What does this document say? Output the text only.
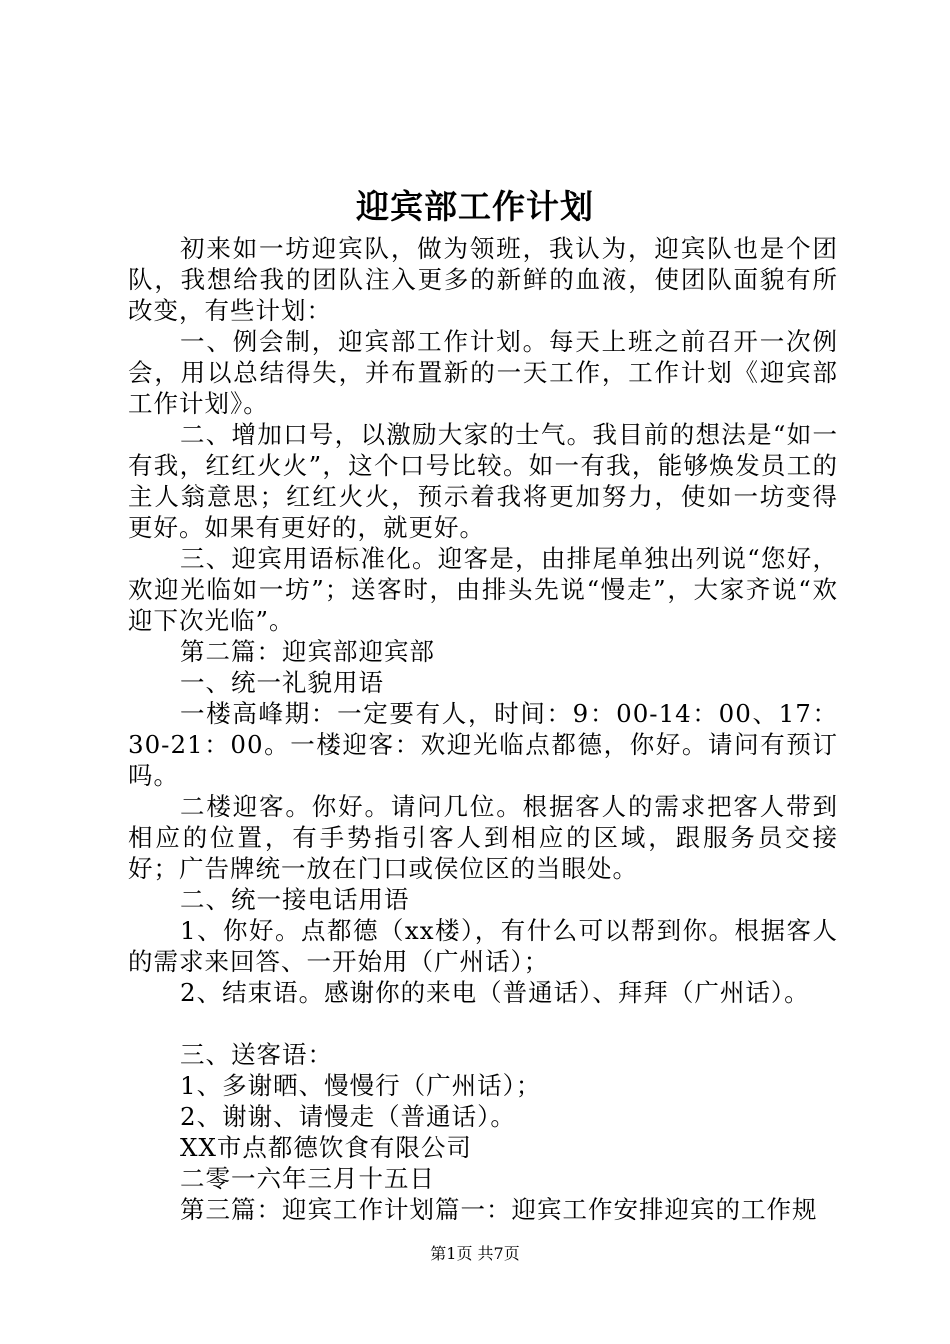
迎宾部工作计划

初来如一坊迎宾队，做为领班，我认为，迎宾队也是个团队，我想给我的团队注入更多的新鲜的血液，使团队面貌有所改变，有些计划：

一、例会制，迎宾部工作计划。每天上班之前召开一次例会，用以总结得失，并布置新的一天工作，工作计划《迎宾部工作计划》。

二、增加口号，以激励大家的士气。我目前的想法是“如一有我，红红火火”，这个口号比较。如一有我，能够焕发员工的主人翁意思；红红火火，预示着我将更加努力，使如一坊变得更好。如果有更好的，就更好。

三、迎宾用语标准化。迎客是，由排尾单独出列说“您好，欢迎光临如一坊”；送客时，由排头先说“慢走”，大家齐说“欢迎下次光临”。

第二篇：迎宾部迎宾部

一、统一礼貌用语

一楼高峰期：一定要有人，时间：9：00-14：00、17：30-21：00。一楼迎客：欢迎光临点都德，你好。请问有预订吗。

二楼迎客。你好。请问几位。根据客人的需求把客人带到相应的位置，有手势指引客人到相应的区域，跟服务员交接好；广告牌统一放在门口或侯位区的当眼处。

二、统一接电话用语

1、你好。点都德（xx楼），有什么可以帮到你。根据客人的需求来回答、一开始用（广州话）；

2、结束语。感谢你的来电（普通话）、拜拜（广州话）。

三、送客语：

1、多谢晒、慢慢行（广州话）；

2、谢谢、请慢走（普通话）。

XX市点都德饮食有限公司

二零一六年三月十五日

第三篇：迎宾工作计划篇一：迎宾工作安排迎宾的工作规

第1页 共7页
